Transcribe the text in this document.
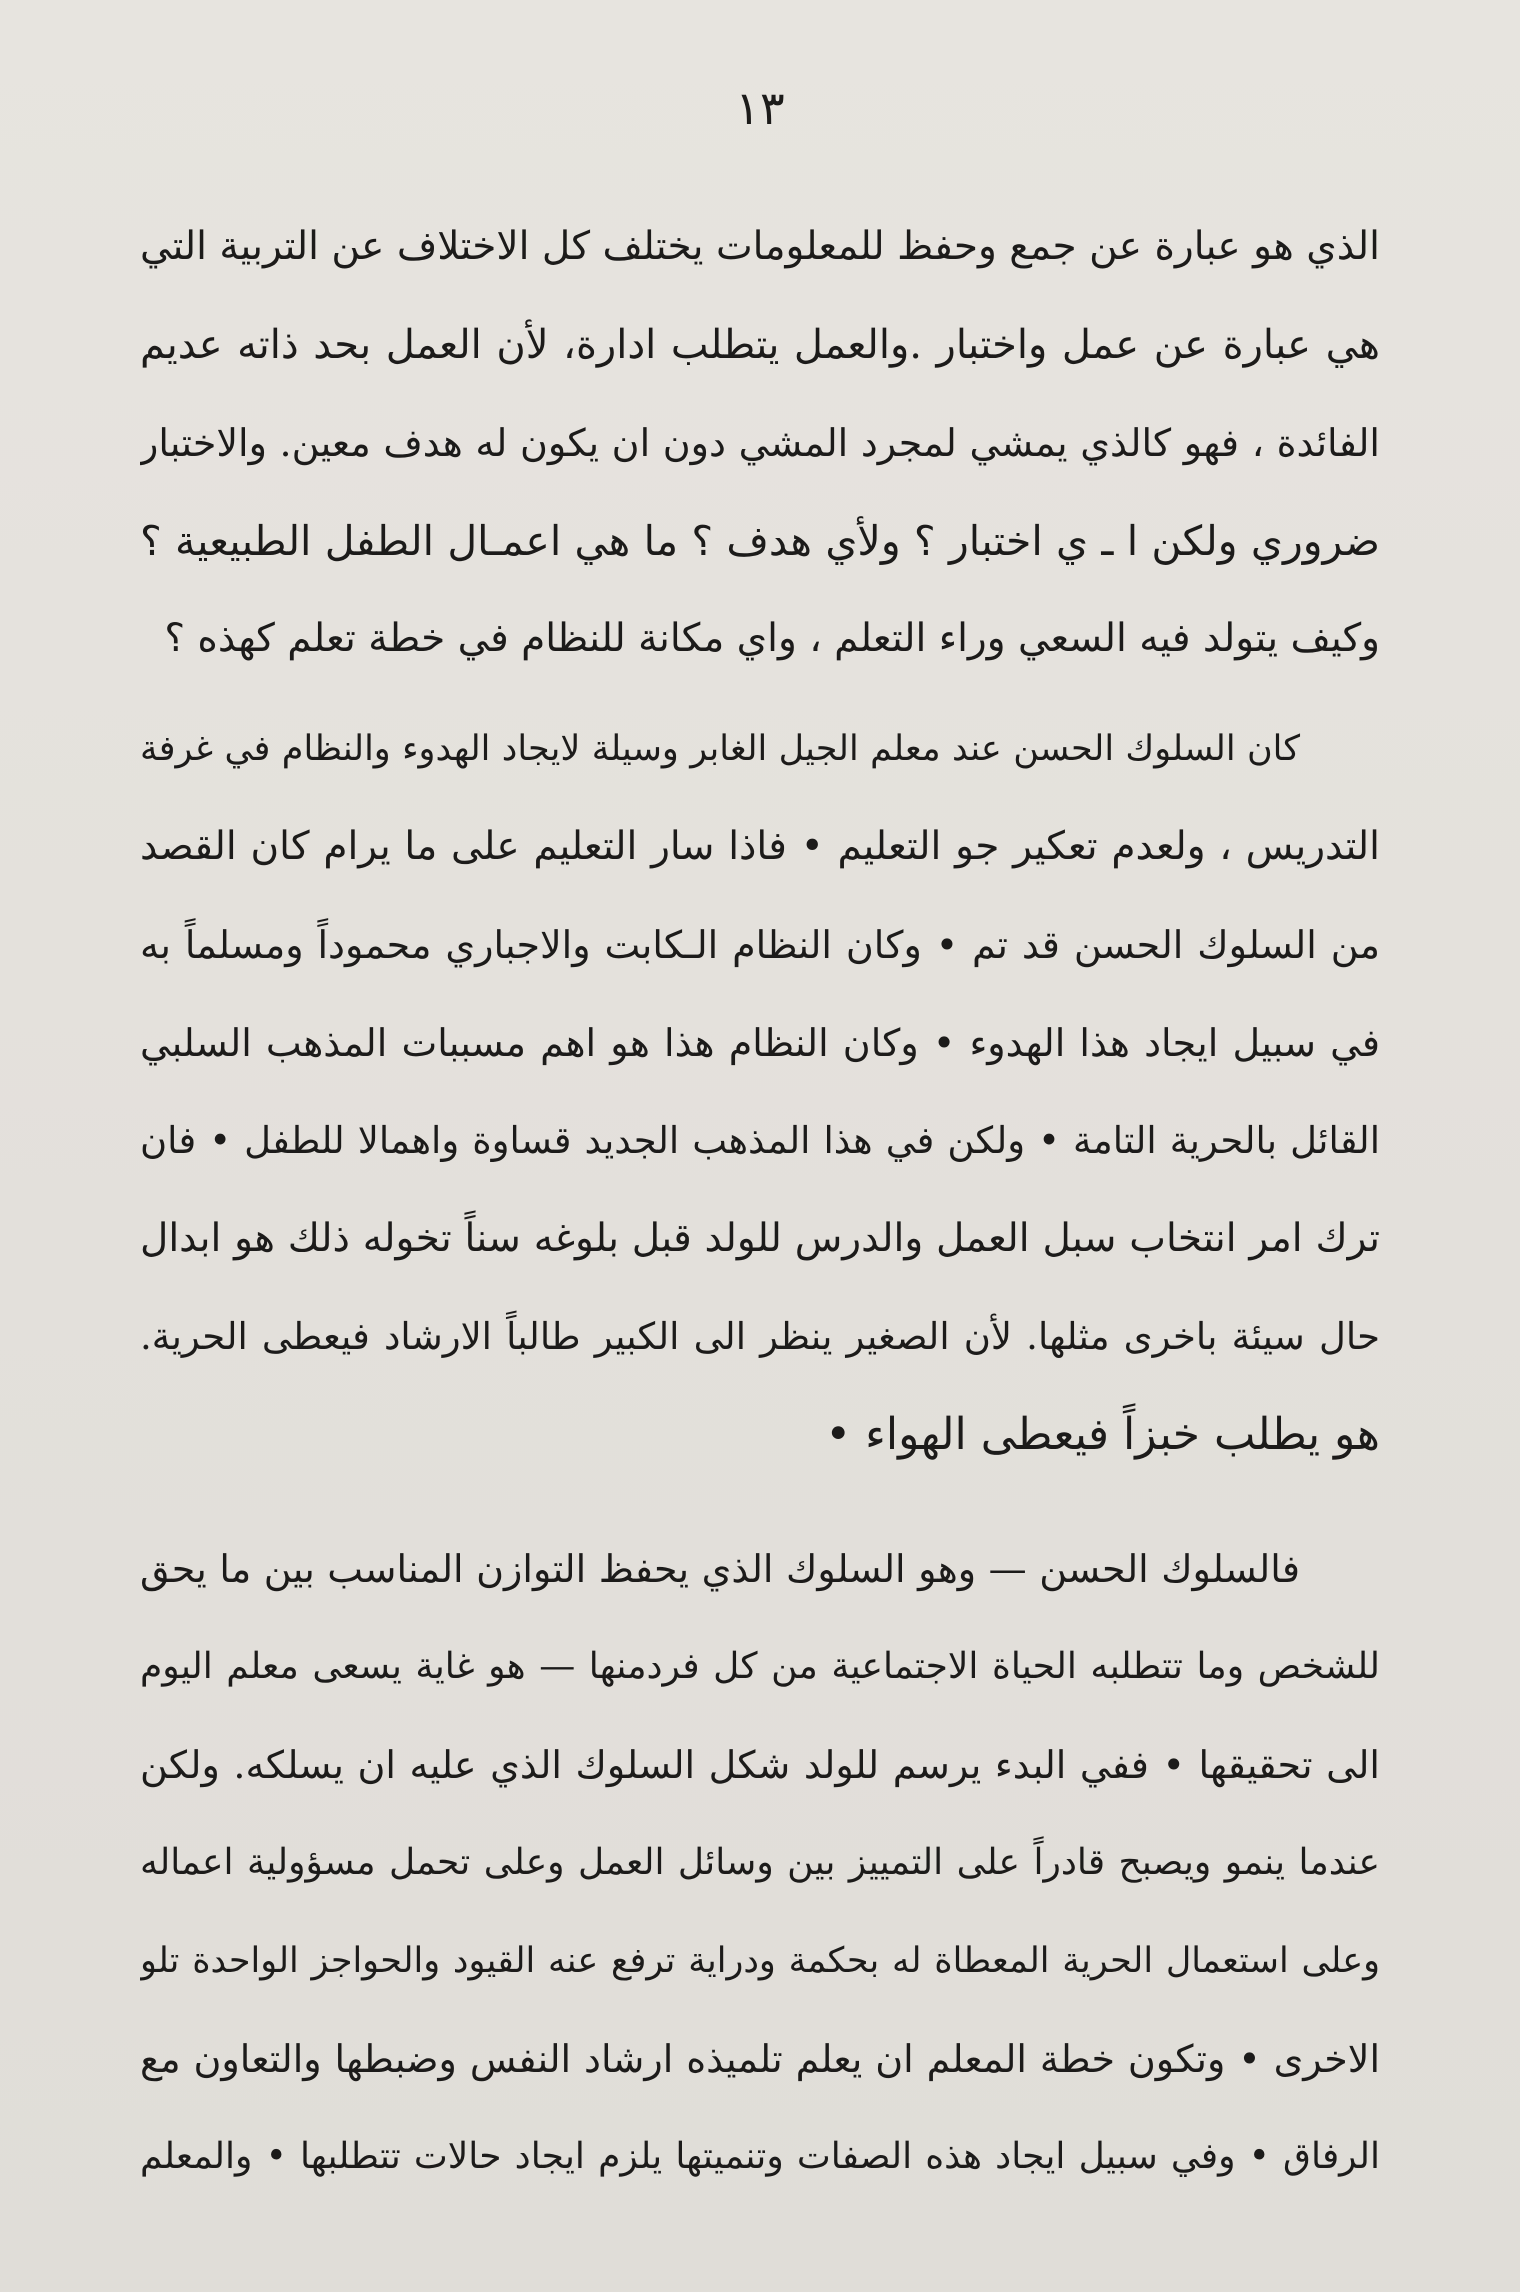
١٣
الذي هو عبارة عن جمع وحفظ للمعلومات يختلف كل الاختلاف عن التربية التي
هي عبارة عن عمل واختبار .والعمل يتطلب ادارة، لأن العمل بحد ذاته عديم
الفائدة ، فهو كالذي يمشي لمجرد المشي دون ان يكون له هدف معين. والاختبار
ضروري ولكن ا ـ ي اختبار ؟ ولأي هدف ؟ ما هي اعمـال الطفل الطبيعية ؟
وكيف يتولد فيه السعي وراء التعلم ، واي مكانة للنظام في خطة تعلم كهذه ؟
كان السلوك الحسن عند معلم الجيل الغابر وسيلة لايجاد الهدوء والنظام في غرفة
التدريس ، ولعدم تعكير جو التعليم • فاذا سار التعليم على ما يرام كان القصد
من السلوك الحسن قد تم • وكان النظام الـكابت والاجباري محموداً ومسلماً به
في سبيل ايجاد هذا الهدوء • وكان النظام هذا هو اهم مسببات المذهب السلبي
القائل بالحرية التامة • ولكن في هذا المذهب الجديد قساوة واهمالا للطفل • فان
ترك امر انتخاب سبل العمل والدرس للولد قبل بلوغه سناً تخوله ذلك هو ابدال
حال سيئة باخرى مثلها. لأن الصغير ينظر الى الكبير طالباً الارشاد فيعطى الحرية.
هو يطلب خبزاً فيعطى الهواء •
فالسلوك الحسن — وهو السلوك الذي يحفظ التوازن المناسب بين ما يحق
للشخص وما تتطلبه الحياة الاجتماعية من كل فردمنها — هو غاية يسعى معلم اليوم
الى تحقيقها • ففي البدء يرسم للولد شكل السلوك الذي عليه ان يسلكه. ولكن
عندما ينمو ويصبح قادراً على التمييز بين وسائل العمل وعلى تحمل مسؤولية اعماله
وعلى استعمال الحرية المعطاة له بحكمة ودراية ترفع عنه القيود والحواجز الواحدة تلو
الاخرى • وتكون خطة المعلم ان يعلم تلميذه ارشاد النفس وضبطها والتعاون مع
الرفاق • وفي سبيل ايجاد هذه الصفات وتنميتها يلزم ايجاد حالات تتطلبها • والمعلم
